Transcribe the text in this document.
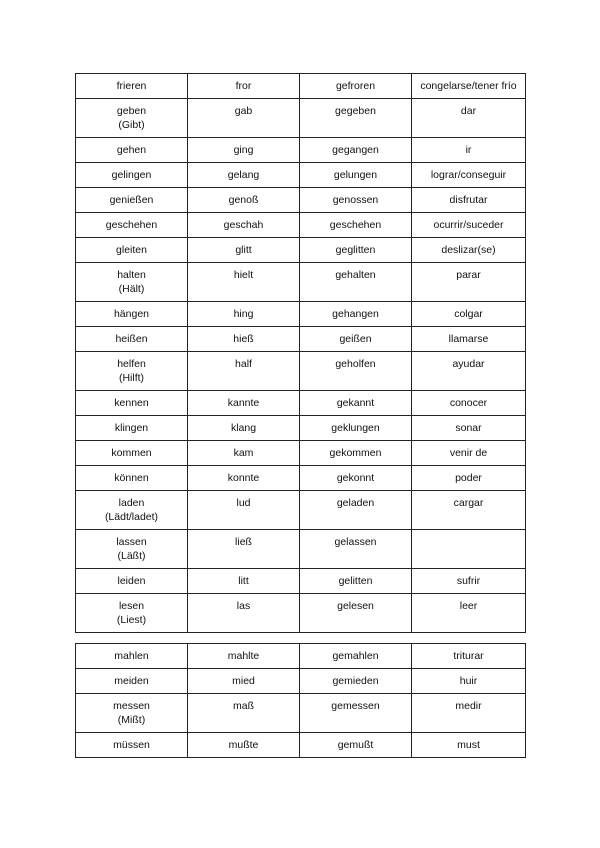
frieren	fror	gefroren	congelarse/tener frío

geben
(Gibt)	gab	gegeben	dar

gehen	ging	gegangen	ir

gelingen	gelang	gelungen	lograr/conseguir

genießen	genoß	genossen	disfrutar

geschehen	geschah	geschehen	ocurrir/suceder

gleiten	glitt	geglitten	deslizar(se)

halten
(Hält)	hielt	gehalten	parar

hängen	hing	gehangen	colgar

heißen	hieß	geißen	llamarse

helfen
(Hilft)	half	geholfen	ayudar

kennen	kannte	gekannt	conocer

klingen	klang	geklungen	sonar

kommen	kam	gekommen	venir de

können	konnte	gekonnt	poder

laden
(Lädt/ladet)	lud	geladen	cargar

lassen
(Läßt)	ließ	gelassen	

leiden	litt	gelitten	sufrir

lesen
(Liest)	las	gelesen	leer
mahlen	mahlte	gemahlen	triturar

meiden	mied	gemieden	huir

messen
(Mißt)	maß	gemessen	medir

müssen	mußte	gemußt	must
